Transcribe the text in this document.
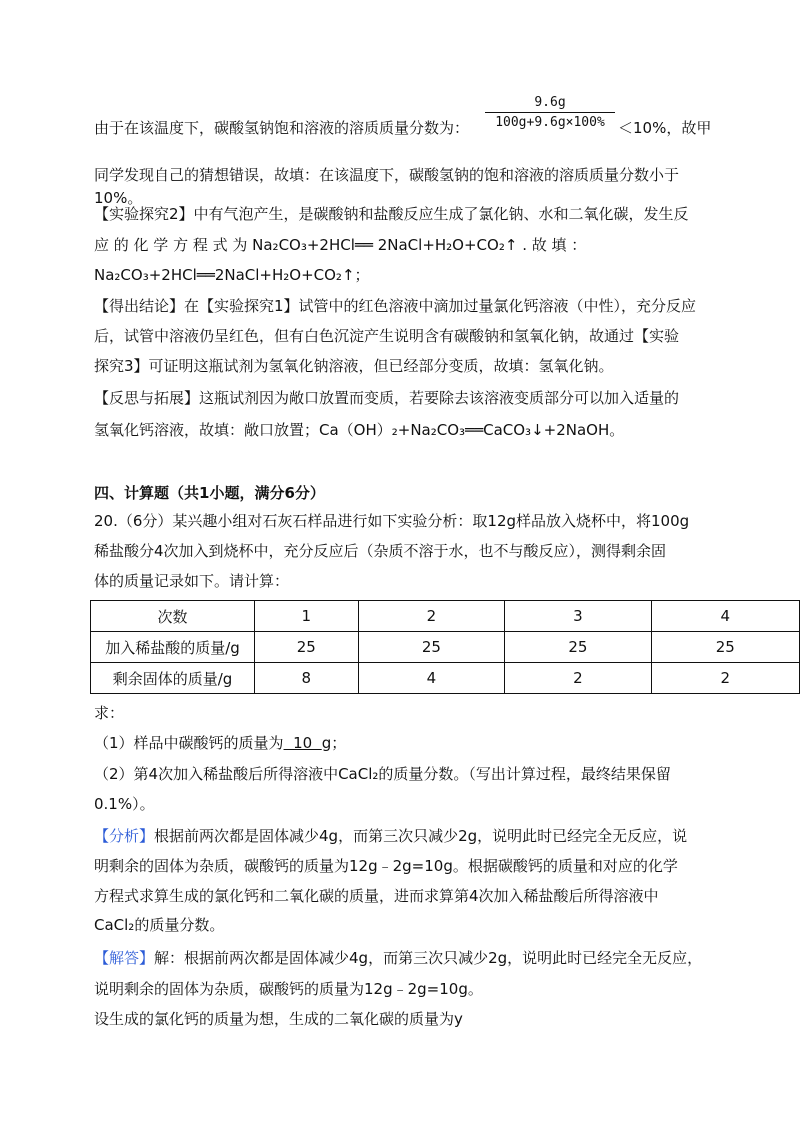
由于在该温度下，碳酸氢钠饱和溶液的溶质质量分数为： $\frac{9.6g}{100g+9.6g\times 100\%} <10\%$，故甲
同学发现自己的猜想错误，故填：在该温度下，碳酸氢钠的饱和溶液的溶质质量分数小于
10%。
【实验探究2】中有气泡产生，是碳酸钠和盐酸反应生成了氯化钠、水和二氧化碳，发生反
应 的 化 学 方 程 式 为 Na₂CO₃+2HCl══ 2NaCl+H₂O+CO₂↑ . 故 填 ：
Na₂CO₃+2HCl══2NaCl+H₂O+CO₂↑；
【得出结论】在【实验探究1】试管中的红色溶液中滴加过量氯化钙溶液（中性），充分反应
后，试管中溶液仍呈红色，但有白色沉淀产生说明含有碳酸钠和氢氧化钠，故通过【实验
探究3】可证明这瓶试剂为氢氧化钠溶液，但已经部分变质，故填：氢氧化钠。
【反思与拓展】这瓶试剂因为敞口放置而变质，若要除去该溶液变质部分可以加入适量的
氢氧化钙溶液，故填：敞口放置；Ca（OH）₂+Na₂CO₃══CaCO₃↓+2NaOH。
四、计算题（共1小题，满分6分）
20.（6分）某兴趣小组对石灰石样品进行如下实验分析：取12g样品放入烧杯中，将100g
稀盐酸分4次加入到烧杯中，充分反应后（杂质不溶于水，也不与酸反应），测得剩余固
体的质量记录如下。请计算：
次数	1	2	3	4
加入稀盐酸的质量/g	25	25	25	25
剩余固体的质量/g	8	4	2	2
求：
（1）样品中碳酸钙的质量为  10  g；
（2）第4次加入稀盐酸后所得溶液中CaCl₂的质量分数。（写出计算过程，最终结果保留
0.1%）。
【分析】根据前两次都是固体减少4g，而第三次只减少2g，说明此时已经完全无反应，说
明剩余的固体为杂质，碳酸钙的质量为12g﹣2g=10g。根据碳酸钙的质量和对应的化学
方程式求算生成的氯化钙和二氧化碳的质量，进而求算第4次加入稀盐酸后所得溶液中
CaCl₂的质量分数。
【解答】解：根据前两次都是固体减少4g，而第三次只减少2g，说明此时已经完全无反应，
说明剩余的固体为杂质，碳酸钙的质量为12g﹣2g=10g。
设生成的氯化钙的质量为想，生成的二氧化碳的质量为y
